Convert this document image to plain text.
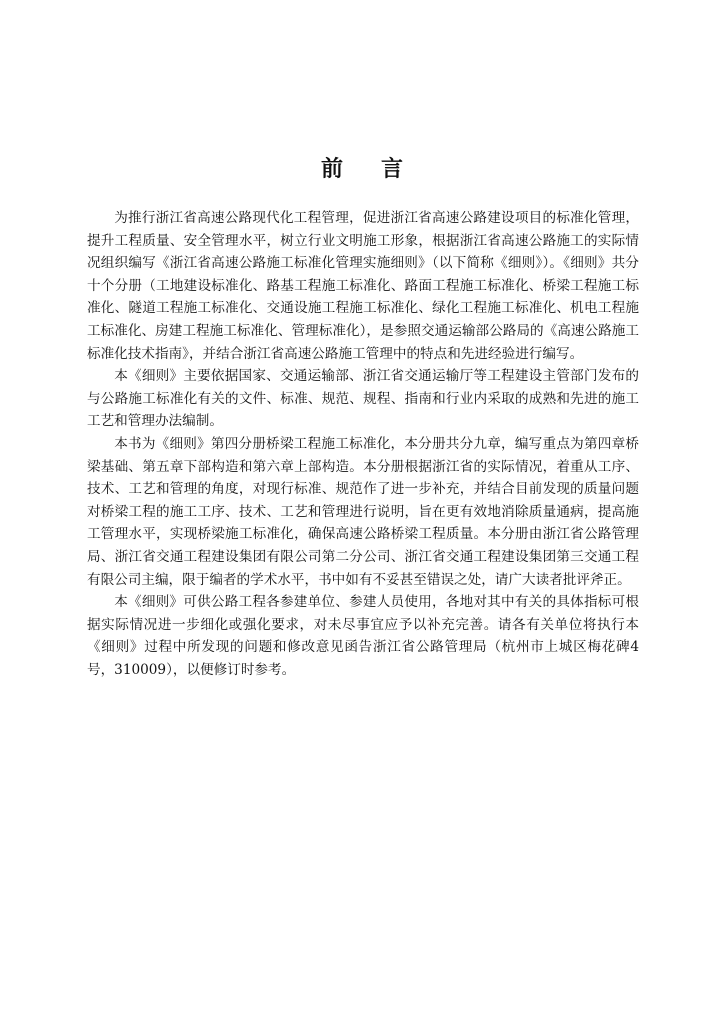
前言

为推行浙江省高速公路现代化工程管理，促进浙江省高速公路建设项目的标准化管理，提升工程质量、安全管理水平，树立行业文明施工形象，根据浙江省高速公路施工的实际情况组织编写《浙江省高速公路施工标准化管理实施细则》（以下简称《细则》）。《细则》共分十个分册（工地建设标准化、路基工程施工标准化、路面工程施工标准化、桥梁工程施工标准化、隧道工程施工标准化、交通设施工程施工标准化、绿化工程施工标准化、机电工程施工标准化、房建工程施工标准化、管理标准化），是参照交通运输部公路局的《高速公路施工标准化技术指南》，并结合浙江省高速公路施工管理中的特点和先进经验进行编写。

本《细则》主要依据国家、交通运输部、浙江省交通运输厅等工程建设主管部门发布的与公路施工标准化有关的文件、标准、规范、规程、指南和行业内采取的成熟和先进的施工工艺和管理办法编制。

本书为《细则》第四分册桥梁工程施工标准化，本分册共分九章，编写重点为第四章桥梁基础、第五章下部构造和第六章上部构造。本分册根据浙江省的实际情况，着重从工序、技术、工艺和管理的角度，对现行标准、规范作了进一步补充，并结合目前发现的质量问题对桥梁工程的施工工序、技术、工艺和管理进行说明，旨在更有效地消除质量通病，提高施工管理水平，实现桥梁施工标准化，确保高速公路桥梁工程质量。本分册由浙江省公路管理局、浙江省交通工程建设集团有限公司第二分公司、浙江省交通工程建设集团第三交通工程有限公司主编，限于编者的学术水平，书中如有不妥甚至错误之处，请广大读者批评斧正。

本《细则》可供公路工程各参建单位、参建人员使用，各地对其中有关的具体指标可根据实际情况进一步细化或强化要求，对未尽事宜应予以补充完善。请各有关单位将执行本《细则》过程中所发现的问题和修改意见函告浙江省公路管理局（杭州市上城区梅花碑4号，310009），以便修订时参考。
